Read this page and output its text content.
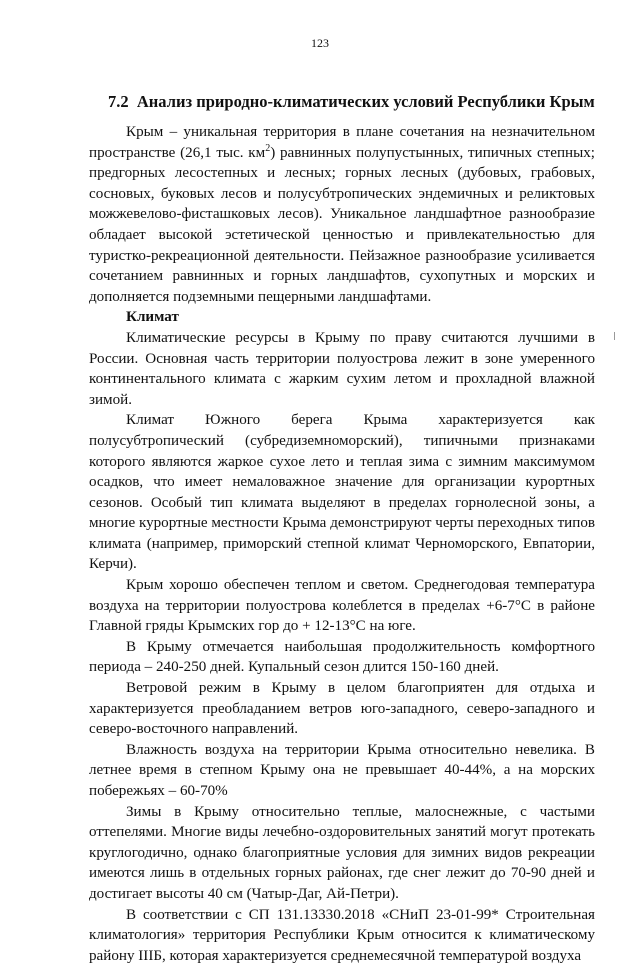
123
7.2 Анализ природно-климатических условий Республики Крым

Крым – уникальная территория в плане сочетания на незначительном пространстве (26,1 тыс. $км^2$) равнинных полупустынных, типичных степных; предгорных лесостепных и лесных; горных лесных (дубовых, грабовых, сосновых, буковых лесов и полусубтропических эндемичных и реликтовых можжевелово-фисташковых лесов). Уникальное ландшафтное разнообразие обладает высокой эстетической ценностью и привлекательностью для туристко-рекреационной деятельности. Пейзажное разнообразие усиливается сочетанием равнинных и горных ландшафтов, сухопутных и морских и дополняется подземными пещерными ландшафтами.

Климат

Климатические ресурсы в Крыму по праву считаются лучшими в России. Основная часть территории полуострова лежит в зоне умеренного континентального климата с жарким сухим летом и прохладной влажной зимой.

Климат Южного берега Крыма характеризуется как полусубтропический (субредиземноморский), типичными признаками которого являются жаркое сухое лето и теплая зима с зимним максимумом осадков, что имеет немаловажное значение для организации курортных сезонов. Особый тип климата выделяют в пределах горнолесной зоны, а многие курортные местности Крыма демонстрируют черты переходных типов климата (например, приморский степной климат Черноморского, Евпатории, Керчи).

Крым хорошо обеспечен теплом и светом. Среднегодовая температура воздуха на территории полуострова колеблется в пределах +6-7°С в районе Главной гряды Крымских гор до + 12-13°С на юге.

В Крыму отмечается наибольшая продолжительность комфортного периода – 240-250 дней. Купальный сезон длится 150-160 дней.

Ветровой режим в Крыму в целом благоприятен для отдыха и характеризуется преобладанием ветров юго-западного, северо-западного и северо-восточного направлений.

Влажность воздуха на территории Крыма относительно невелика. В летнее время в степном Крыму она не превышает 40-44%, а на морских побережьях – 60-70%

Зимы в Крыму относительно теплые, малоснежные, с частыми оттепелями. Многие виды лечебно-оздоровительных занятий могут протекать круглогодично, однако благоприятные условия для зимних видов рекреации имеются лишь в отдельных горных районах, где снег лежит до 70-90 дней и достигает высоты 40 см (Чатыр-Даг, Ай-Петри).

В соответствии с СП 131.13330.2018 «СНиП 23-01-99* Строительная климатология» территория Республики Крым относится к климатическому району IIIБ, которая характеризуется среднемесячной температурой воздуха
